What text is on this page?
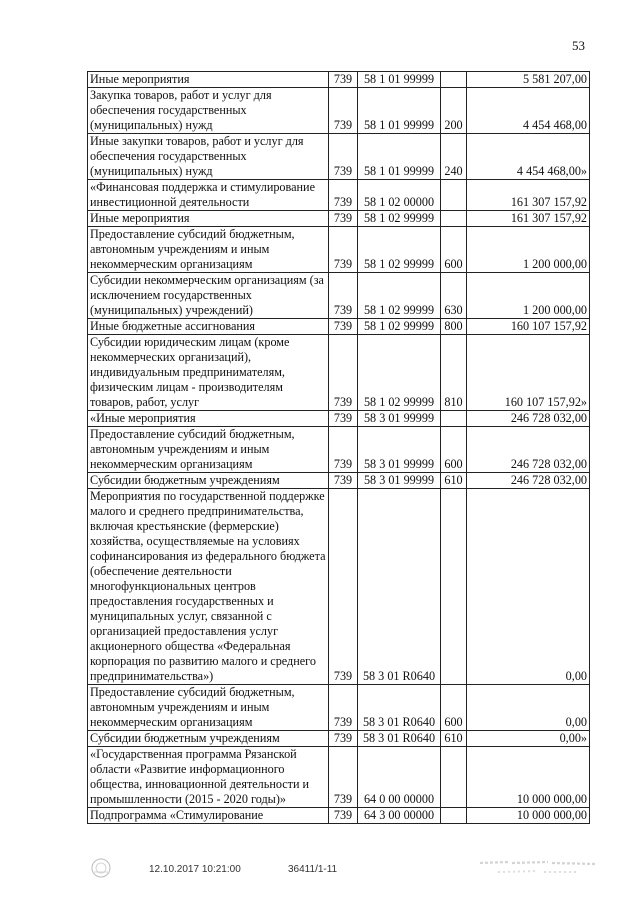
53
Иные мероприятия	739	58 1 01 99999		5 581 207,00
Закупка товаров, работ и услуг для обеспечения государственных (муниципальных) нужд	739	58 1 01 99999	200	4 454 468,00
Иные закупки товаров, работ и услуг для обеспечения государственных (муниципальных) нужд	739	58 1 01 99999	240	4 454 468,00»
«Финансовая поддержка и стимулирование инвестиционной деятельности	739	58 1 02 00000		161 307 157,92
Иные мероприятия	739	58 1 02 99999		161 307 157,92
Предоставление субсидий бюджетным, автономным учреждениям и иным некоммерческим организациям	739	58 1 02 99999	600	1 200 000,00
Субсидии некоммерческим организациям (за исключением государственных (муниципальных) учреждений)	739	58 1 02 99999	630	1 200 000,00
Иные бюджетные ассигнования	739	58 1 02 99999	800	160 107 157,92
Субсидии юридическим лицам (кроме некоммерческих организаций), индивидуальным предпринимателям, физическим лицам - производителям товаров, работ, услуг	739	58 1 02 99999	810	160 107 157,92»
«Иные мероприятия	739	58 3 01 99999		246 728 032,00
Предоставление субсидий бюджетным, автономным учреждениям и иным некоммерческим организациям	739	58 3 01 99999	600	246 728 032,00
Субсидии бюджетным учреждениям	739	58 3 01 99999	610	246 728 032,00
Мероприятия по государственной поддержке малого и среднего предпринимательства, включая крестьянские (фермерские) хозяйства, осуществляемые на условиях софинансирования из федерального бюджета (обеспечение деятельности многофункциональных центров предоставления государственных и муниципальных услуг, связанной с организацией предоставления услуг акционерного общества «Федеральная корпорация по развитию малого и среднего предпринимательства»)	739	58 3 01 R0640		0,00
Предоставление субсидий бюджетным, автономным учреждениям и иным некоммерческим организациям	739	58 3 01 R0640	600	0,00
Субсидии бюджетным учреждениям	739	58 3 01 R0640	610	0,00»
«Государственная программа Рязанской области «Развитие информационного общества, инновационной деятельности и промышленности (2015 - 2020 годы)»	739	64 0 00 00000		10 000 000,00
Подпрограмма «Стимулирование	739	64 3 00 00000		10 000 000,00
12.10.2017 10:21:00	36411/1-11
